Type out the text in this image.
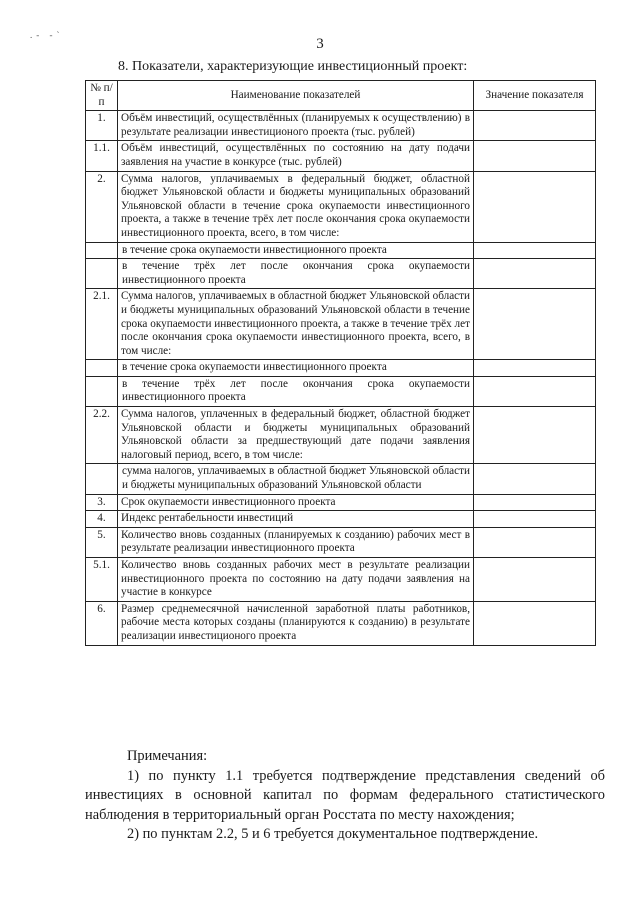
.- -`
3
8. Показатели, характеризующие инвестиционный проект:
№ п/п	Наименование показателей	Значение показателя
1.	Объём инвестиций, осуществлённых (планируемых к осуществлению) в результате реализации инвестиционого проекта (тыс. рублей)	
1.1.	Объём инвестиций, осуществлённых по состоянию на дату подачи заявления на участие в конкурсе (тыс. рублей)	
2.	Сумма налогов, уплачиваемых в федеральный бюджет, областной бюджет Ульяновской области и бюджеты муниципальных образований Ульяновской области в течение срока окупаемости инвестиционного проекта, а также в течение трёх лет после окончания срока окупаемости инвестиционного проекта, всего, в том числе:	
	в течение срока окупаемости инвестиционного проекта	
	в течение трёх лет после окончания срока окупаемости инвестиционного проекта	
2.1.	Сумма налогов, уплачиваемых в областной бюджет Ульяновской области и бюджеты муниципальных образований Ульяновской области в течение срока окупаемости инвестиционного проекта, а также в течение трёх лет после окончания срока окупаемости инвестиционного проекта, всего, в том числе:	
	в течение срока окупаемости инвестиционного проекта	
	в течение трёх лет после окончания срока окупаемости инвестиционного проекта	
2.2.	Сумма налогов, уплаченных в федеральный бюджет, областной бюджет Ульяновской области и бюджеты муниципальных образований Ульяновской области за предшествующий дате подачи заявления налоговый период, всего, в том числе:	
	сумма налогов, уплачиваемых в областной бюджет Ульяновской области и бюджеты муниципальных образований Ульяновской области	
3.	Срок окупаемости инвестиционного проекта	
4.	Индекс рентабельности инвестиций	
5.	Количество вновь созданных (планируемых к созданию) рабочих мест в результате реализации инвестиционного проекта	
5.1.	Количество вновь созданных рабочих мест в результате реализации инвестиционного проекта по состоянию на дату подачи заявления на участие в конкурсе	
6.	Размер среднемесячной начисленной заработной платы работников, рабочие места которых созданы (планируются к созданию) в результате реализации инвестиционого проекта	

Примечания:

1) по пункту 1.1 требуется подтверждение представления сведений об инвестициях в основной капитал по формам федерального статистического наблюдения в территориальный орган Росстата по месту нахождения;

2) по пунктам 2.2, 5 и 6 требуется документальное подтверждение.
